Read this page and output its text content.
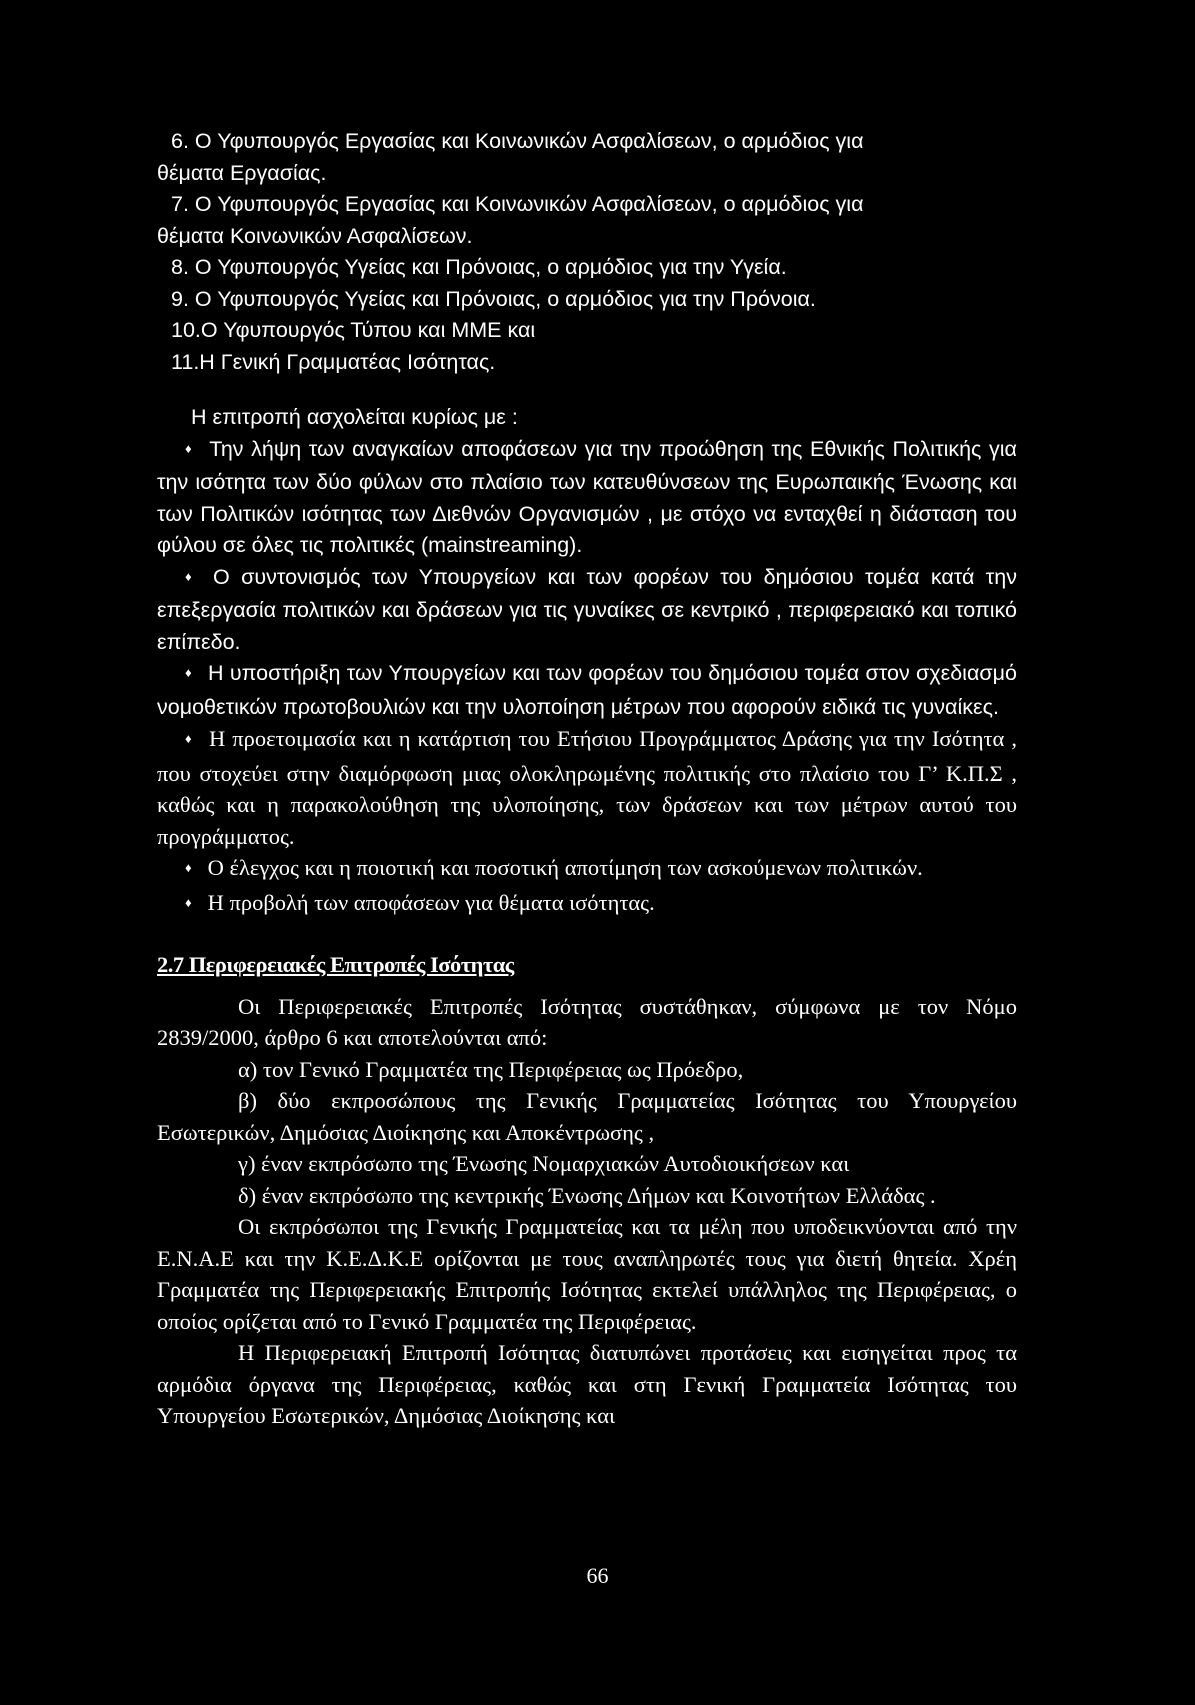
6. Ο Υφυπουργός Εργασίας και Κοινωνικών Ασφαλίσεων, ο αρμόδιος για

θέματα Εργασίας.

7. Ο Υφυπουργός Εργασίας και Κοινωνικών Ασφαλίσεων, ο αρμόδιος για

θέματα Κοινωνικών Ασφαλίσεων.

8. Ο Υφυπουργός Υγείας και Πρόνοιας, ο αρμόδιος για την Υγεία.

9. Ο Υφυπουργός Υγείας και Πρόνοιας, ο αρμόδιος για την Πρόνοια.

10.Ο Υφυπουργός Τύπου και ΜΜΕ και

11.Η Γενική Γραμματέας Ισότητας.

Η επιτροπή ασχολείται κυρίως με :

♦ Την λήψη των αναγκαίων αποφάσεων για την προώθηση της Εθνικής Πολιτικής για την ισότητα των δύο φύλων στο πλαίσιο των κατευθύνσεων της Ευρωπαικής Ένωσης και των Πολιτικών ισότητας των Διεθνών Οργανισμών , με στόχο να ενταχθεί η διάσταση του φύλου σε όλες τις πολιτικές (mainstreaming).

♦ Ο συντονισμός των Υπουργείων και των φορέων του δημόσιου τομέα κατά την επεξεργασία πολιτικών και δράσεων για τις γυναίκες σε κεντρικό , περιφερειακό και τοπικό επίπεδο.

♦ Η υποστήριξη των Υπουργείων και των φορέων του δημόσιου τομέα στον σχεδιασμό νομοθετικών πρωτοβουλιών και την υλοποίηση μέτρων που αφορούν ειδικά τις γυναίκες.

♦ Η προετοιμασία και η κατάρτιση του Ετήσιου Προγράμματος Δράσης για την Ισότητα , που στοχεύει στην διαμόρφωση μιας ολοκληρωμένης πολιτικής στο πλαίσιο του Γ’ Κ.Π.Σ , καθώς και η παρακολούθηση της υλοποίησης, των δράσεων και των μέτρων αυτού του προγράμματος.

♦ Ο έλεγχος και η ποιοτική και ποσοτική αποτίμηση των ασκούμενων πολιτικών.

♦ Η προβολή των αποφάσεων για θέματα ισότητας.

2.7 Περιφερειακές Επιτροπές Ισότητας

Οι Περιφερειακές Επιτροπές Ισότητας συστάθηκαν, σύμφωνα με τον Νόμο 2839/2000, άρθρο 6 και αποτελούνται από:

α) τον Γενικό Γραμματέα της Περιφέρειας ως Πρόεδρο,

β) δύο εκπροσώπους της Γενικής Γραμματείας Ισότητας του Υπουργείου Εσωτερικών, Δημόσιας Διοίκησης και Αποκέντρωσης ,

γ) έναν εκπρόσωπο της Ένωσης Νομαρχιακών Αυτοδιοικήσεων και

δ) έναν εκπρόσωπο της κεντρικής Ένωσης Δήμων και Κοινοτήτων Ελλάδας .

Οι εκπρόσωποι της Γενικής Γραμματείας και τα μέλη που υποδεικνύονται από την Ε.Ν.Α.Ε και την Κ.Ε.Δ.Κ.Ε ορίζονται με τους αναπληρωτές τους για διετή θητεία. Χρέη Γραμματέα της Περιφερειακής Επιτροπής Ισότητας εκτελεί υπάλληλος της Περιφέρειας, ο οποίος ορίζεται από το Γενικό Γραμματέα της Περιφέρειας.

Η Περιφερειακή Επιτροπή Ισότητας διατυπώνει προτάσεις και εισηγείται προς τα αρμόδια όργανα της Περιφέρειας, καθώς και στη Γενική Γραμματεία Ισότητας του Υπουργείου Εσωτερικών, Δημόσιας Διοίκησης και

66
